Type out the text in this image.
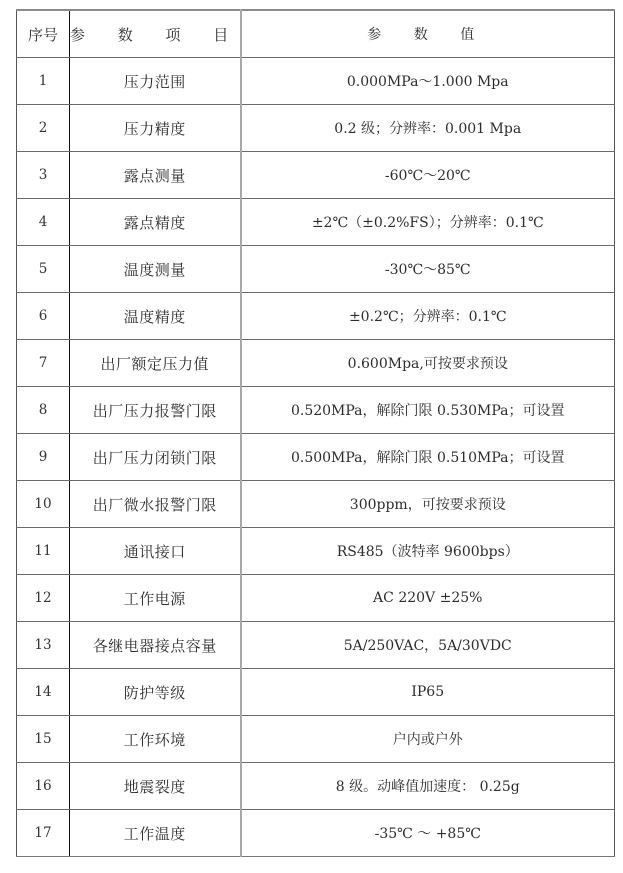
序号	参 数 项 目	参 数 值
1	压力范围	0.000MPa～1.000 Mpa
2	压力精度	0.2 级；分辨率：0.001 Mpa
3	露点测量	-60℃～20℃
4	露点精度	±2℃（±0.2%FS）；分辨率：0.1℃
5	温度测量	-30℃～85℃
6	温度精度	±0.2℃；分辨率：0.1℃
7	出厂额定压力值	0.600Mpa,可按要求预设
8	出厂压力报警门限	0.520MPa，解除门限 0.530MPa；可设置
9	出厂压力闭锁门限	0.500MPa，解除门限 0.510MPa；可设置
10	出厂微水报警门限	300ppm，可按要求预设
11	通讯接口	RS485（波特率 9600bps）
12	工作电源	AC 220V ±25%
13	各继电器接点容量	5A/250VAC，5A/30VDC
14	防护等级	IP65
15	工作环境	户内或户外
16	地震裂度	8 级。动峰值加速度： 0.25g
17	工作温度	-35℃ ～ +85℃
